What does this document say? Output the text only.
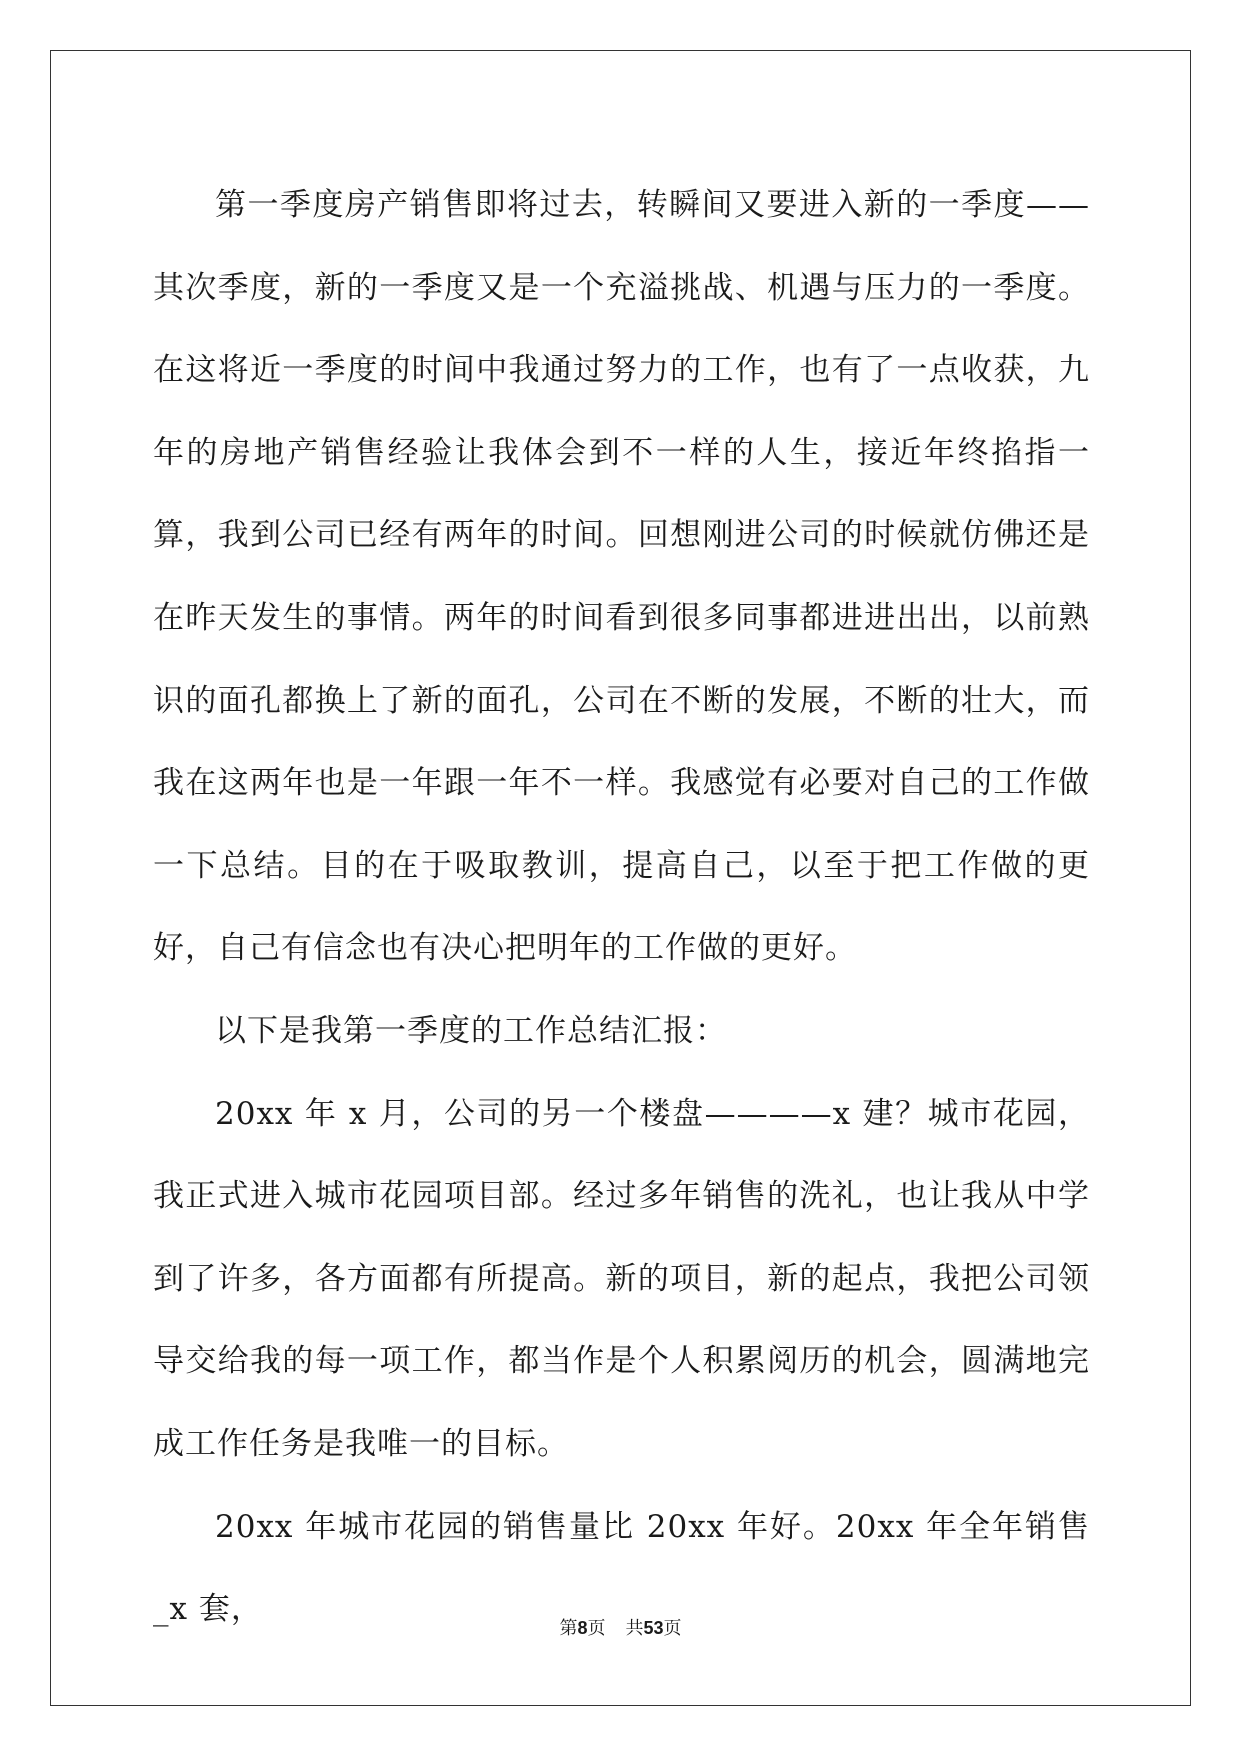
第一季度房产销售即将过去，转瞬间又要进入新的一季度——其次季度，新的一季度又是一个充溢挑战、机遇与压力的一季度。在这将近一季度的时间中我通过努力的工作，也有了一点收获，九年的房地产销售经验让我体会到不一样的人生，接近年终掐指一算，我到公司已经有两年的时间。回想刚进公司的时候就仿佛还是在昨天发生的事情。两年的时间看到很多同事都进进出出，以前熟识的面孔都换上了新的面孔，公司在不断的发展，不断的壮大，而我在这两年也是一年跟一年不一样。我感觉有必要对自己的工作做一下总结。目的在于吸取教训，提高自己，以至于把工作做的更好，自己有信念也有决心把明年的工作做的更好。

以下是我第一季度的工作总结汇报：

20xx 年 x 月，公司的另一个楼盘————x 建？城市花园，我正式进入城市花园项目部。经过多年销售的洗礼，也让我从中学到了许多，各方面都有所提高。新的项目，新的起点，我把公司领导交给我的每一项工作，都当作是个人积累阅历的机会，圆满地完成工作任务是我唯一的目标。

20xx 年城市花园的销售量比 20xx 年好。20xx 年全年销售_x 套，

第8页 共53页
